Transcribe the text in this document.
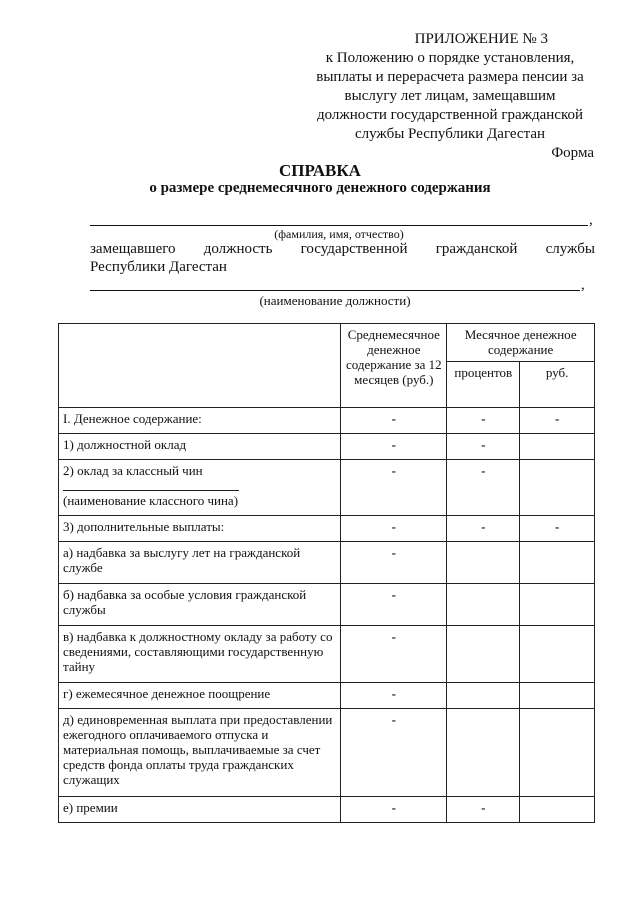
ПРИЛОЖЕНИЕ № 3
к Положению о порядке установления,
выплаты и перерасчета размера пенсии за
выслугу лет лицам, замещавшим
должности государственной гражданской
службы Республики Дагестан
Форма
СПРАВКА
о размере среднемесячного денежного содержания
,
(фамилия, имя, отчество)
замещавшего должность государственной гражданской службы
Республики Дагестан
,
(наименование должности)
	Среднемесячное денежное содержание за 12 месяцев (руб.)	Месячное денежное содержание	
		процентов	руб.
I. Денежное содержание:	-	-	-
1) должностной оклад	-	-	

2) оклад за классный чин
(наименование классного чина)	-	-	
3) дополнительные выплаты:	-	-	-
а) надбавка за выслугу лет на гражданской службе	-		
б) надбавка за особые условия гражданской службы	-		
в) надбавка к должностному окладу за работу со сведениями, составляющими государственную тайну	-		
г) ежемесячное денежное поощрение	-		
д) единовременная выплата при предоставлении ежегодного оплачиваемого отпуска и материальная помощь, выплачиваемые за счет средств фонда оплаты труда гражданских служащих	-		
е) премии	-	-	
